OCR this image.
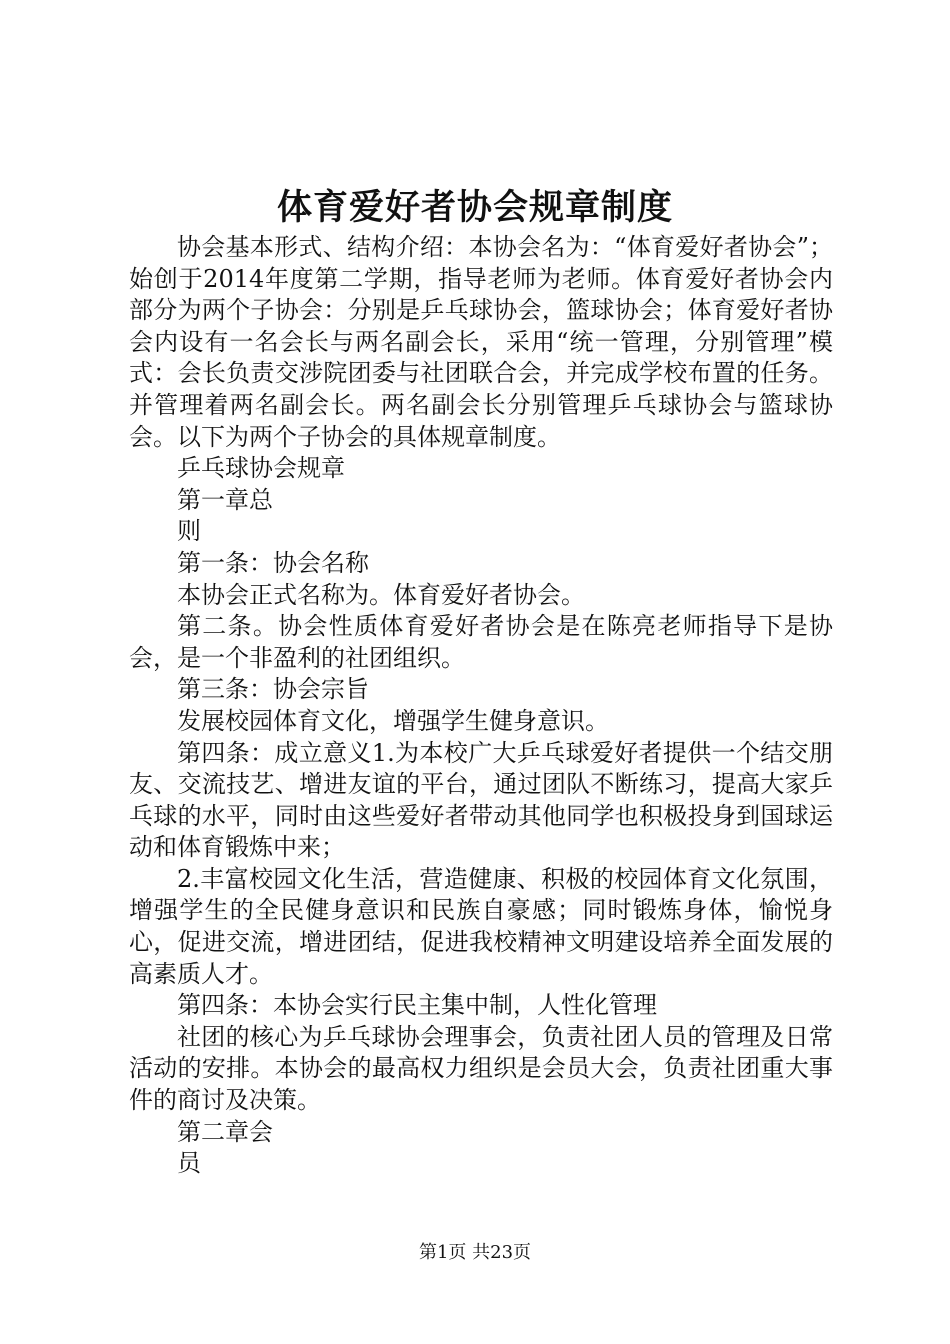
体育爱好者协会规章制度

协会基本形式、结构介绍：本协会名为：“体育爱好者协会”；始创于2014年度第二学期，指导老师为老师。体育爱好者协会内部分为两个子协会：分别是乒乓球协会，篮球协会；体育爱好者协会内设有一名会长与两名副会长，采用“统一管理，分别管理”模式：会长负责交涉院团委与社团联合会，并完成学校布置的任务。并管理着两名副会长。两名副会长分别管理乒乓球协会与篮球协会。以下为两个子协会的具体规章制度。

乒乓球协会规章

第一章总

则

第一条：协会名称

本协会正式名称为。体育爱好者协会。

第二条。协会性质体育爱好者协会是在陈亮老师指导下是协会，是一个非盈利的社团组织。

第三条：协会宗旨

发展校园体育文化，增强学生健身意识。

第四条：成立意义1.为本校广大乒乓球爱好者提供一个结交朋友、交流技艺、增进友谊的平台，通过团队不断练习，提高大家乒乓球的水平，同时由这些爱好者带动其他同学也积极投身到国球运动和体育锻炼中来；

2.丰富校园文化生活，营造健康、积极的校园体育文化氛围，增强学生的全民健身意识和民族自豪感；同时锻炼身体，愉悦身心，促进交流，增进团结，促进我校精神文明建设培养全面发展的高素质人才。

第四条：本协会实行民主集中制，人性化管理

社团的核心为乒乓球协会理事会，负责社团人员的管理及日常活动的安排。本协会的最高权力组织是会员大会，负责社团重大事件的商讨及决策。

第二章会

员

第1页 共23页
